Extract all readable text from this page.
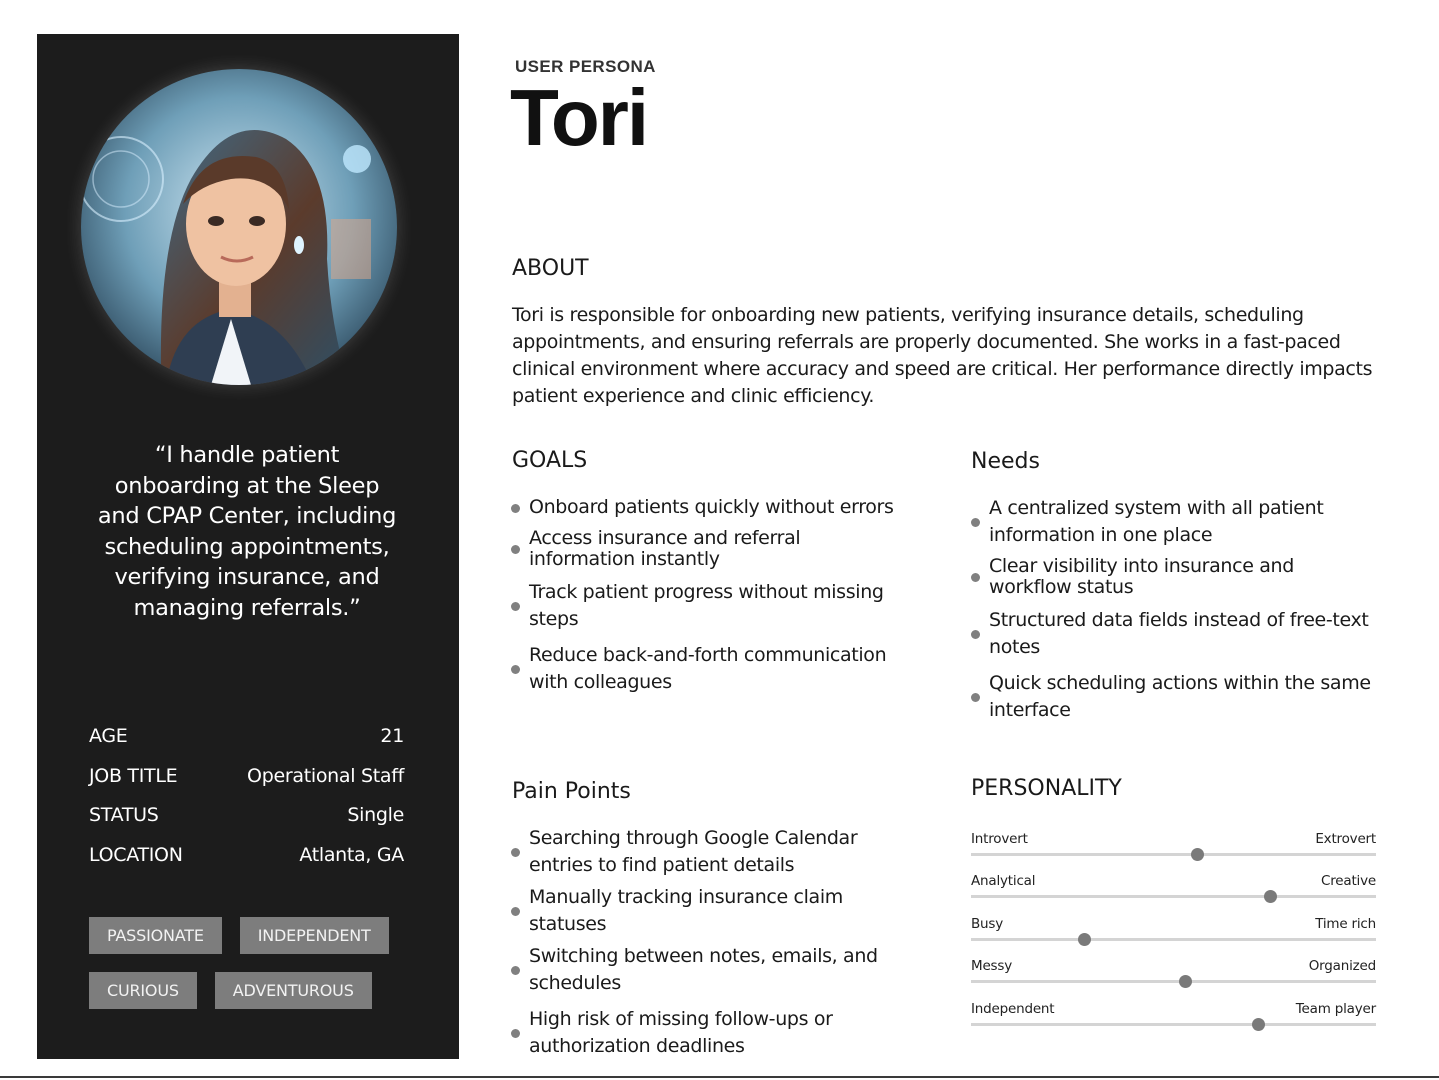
“I handle patient onboarding at the Sleep and CPAP Center, including scheduling appointments, verifying insurance, and managing referrals.”
AGE	21
JOB TITLE	Operational Staff
STATUS	Single
LOCATION	Atlanta, GA
PASSIONATE	INDEPENDENT
CURIOUS	ADVENTUROUS
USER PERSONA
Tori
ABOUT

Tori is responsible for onboarding new patients, verifying insurance details, scheduling appointments, and ensuring referrals are properly documented. She works in a fast-paced clinical environment where accuracy and speed are critical. Her performance directly impacts patient experience and clinic efficiency.

GOALS
Onboard patients quickly without errors
Access insurance and referral information instantly
Track patient progress without missing steps
Reduce back-and-forth communication with colleagues
Needs
A centralized system with all patient information in one place
Clear visibility into insurance and workflow status
Structured data fields instead of free-text notes
Quick scheduling actions within the same interface
Pain Points
Searching through Google Calendar entries to find patient details
Manually tracking insurance claim statuses
Switching between notes, emails, and schedules
High risk of missing follow-ups or authorization deadlines
PERSONALITY
Introvert	Extrovert
Analytical	Creative
Busy	Time rich
Messy	Organized
Independent	Team player
